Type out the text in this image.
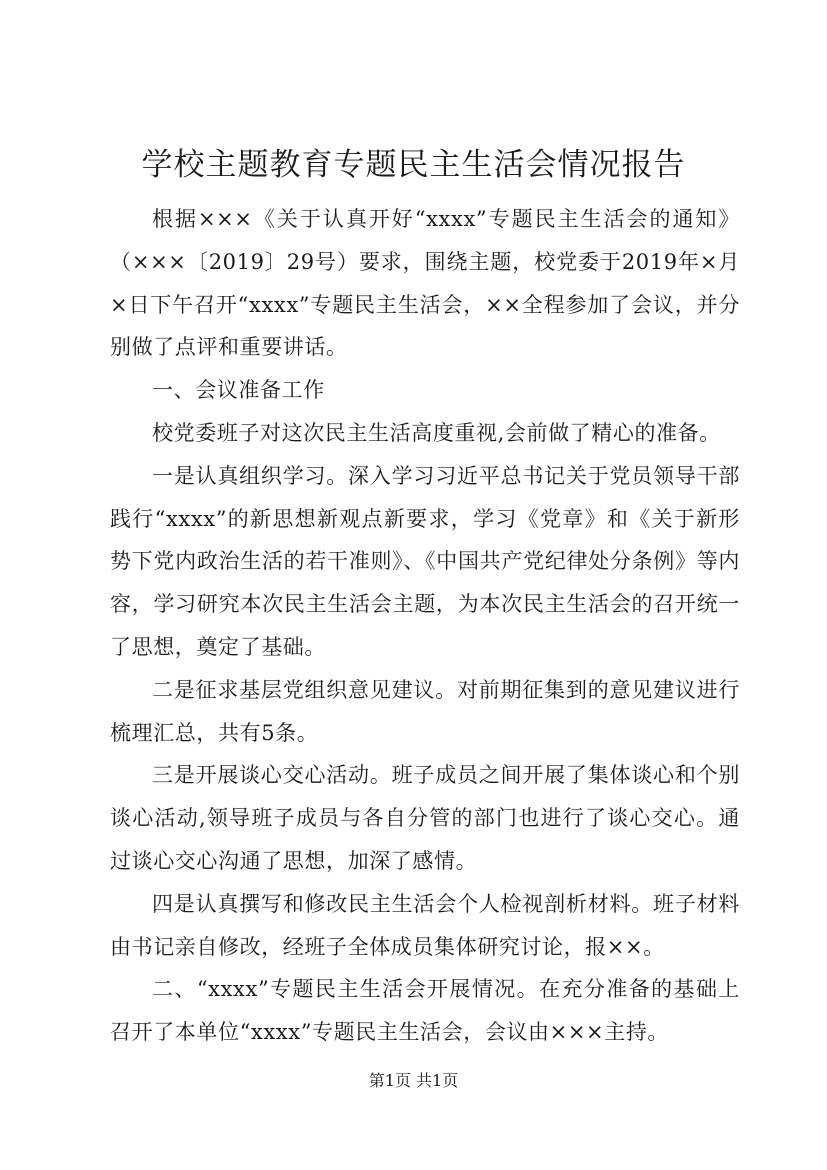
学校主题教育专题民主生活会情况报告

根据×××《关于认真开好“xxxx”专题民主生活会的通知》（×××〔2019〕29号）要求，围绕主题，校党委于2019年×月×日下午召开“xxxx”专题民主生活会，××全程参加了会议，并分别做了点评和重要讲话。

一、会议准备工作

校党委班子对这次民主生活高度重视,会前做了精心的准备。

一是认真组织学习。深入学习习近平总书记关于党员领导干部践行“xxxx”的新思想新观点新要求，学习《党章》和《关于新形势下党内政治生活的若干准则》、《中国共产党纪律处分条例》等内容，学习研究本次民主生活会主题，为本次民主生活会的召开统一了思想，奠定了基础。

二是征求基层党组织意见建议。对前期征集到的意见建议进行梳理汇总，共有5条。

三是开展谈心交心活动。班子成员之间开展了集体谈心和个别谈心活动,领导班子成员与各自分管的部门也进行了谈心交心。通过谈心交心沟通了思想，加深了感情。

四是认真撰写和修改民主生活会个人检视剖析材料。班子材料由书记亲自修改，经班子全体成员集体研究讨论，报××。

二、“xxxx”专题民主生活会开展情况。在充分准备的基础上召开了本单位“xxxx”专题民主生活会，会议由×××主持。

第1页 共1页
